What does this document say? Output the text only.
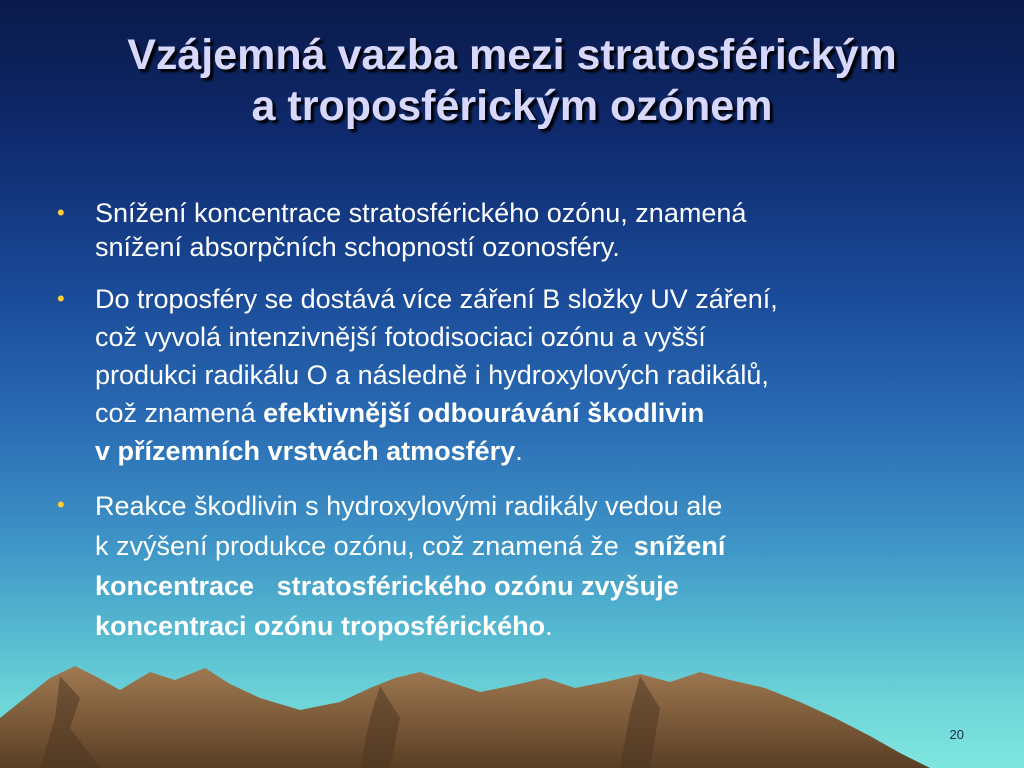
Vzájemná vazba mezi stratosférickým
a troposférickým ozónem
• Snížení koncentrace stratosférického ozónu, znamená
snížení absorpčních schopností ozonosféry.
• Do troposféry se dostává více záření B složky UV záření,
což vyvolá intenzivnější fotodisociaci ozónu a vyšší
produkci radikálu O a následně i hydroxylových radikálů,
což znamená efektivnější odbourávání škodlivin
v přízemních vrstvách atmosféry.
• Reakce škodlivin s hydroxylovými radikály vedou ale
k zvýšení produkce ozónu, což znamená že  snížení
koncentrace   stratosférického ozónu zvyšuje
koncentraci ozónu troposférického.
20
